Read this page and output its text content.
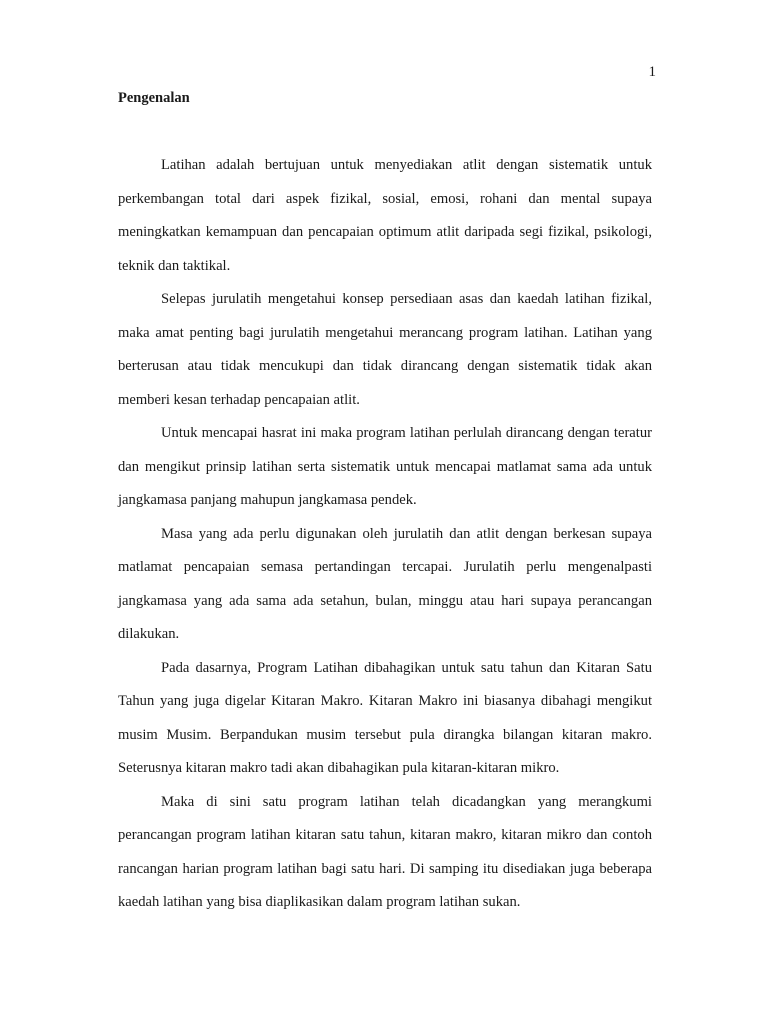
1
Pengenalan

Latihan adalah bertujuan untuk menyediakan atlit dengan sistematik untuk perkembangan total dari aspek fizikal, sosial, emosi, rohani dan mental supaya meningkatkan kemampuan dan pencapaian optimum atlit daripada segi fizikal, psikologi, teknik dan taktikal.

Selepas jurulatih mengetahui konsep persediaan asas dan kaedah latihan fizikal, maka amat penting bagi jurulatih mengetahui merancang program latihan. Latihan yang berterusan atau tidak mencukupi dan tidak dirancang dengan sistematik tidak akan memberi kesan terhadap pencapaian atlit.

Untuk mencapai hasrat ini maka program latihan perlulah dirancang dengan teratur dan mengikut prinsip latihan serta sistematik untuk mencapai matlamat sama ada untuk jangkamasa panjang mahupun jangkamasa pendek.

Masa yang ada perlu digunakan oleh jurulatih dan atlit dengan berkesan supaya matlamat pencapaian semasa pertandingan tercapai. Jurulatih perlu mengenalpasti jangkamasa yang ada sama ada setahun, bulan, minggu atau hari supaya perancangan dilakukan.

Pada dasarnya, Program Latihan dibahagikan untuk satu tahun dan Kitaran Satu Tahun yang juga digelar Kitaran Makro. Kitaran Makro ini biasanya dibahagi mengikut musim Musim. Berpandukan musim tersebut pula dirangka bilangan kitaran makro. Seterusnya kitaran makro tadi akan dibahagikan pula kitaran-kitaran mikro.

Maka di sini satu program latihan telah dicadangkan yang merangkumi perancangan program latihan kitaran satu tahun, kitaran makro, kitaran mikro dan contoh rancangan harian program latihan bagi satu hari. Di samping itu disediakan juga beberapa kaedah latihan yang bisa diaplikasikan dalam program latihan sukan.
